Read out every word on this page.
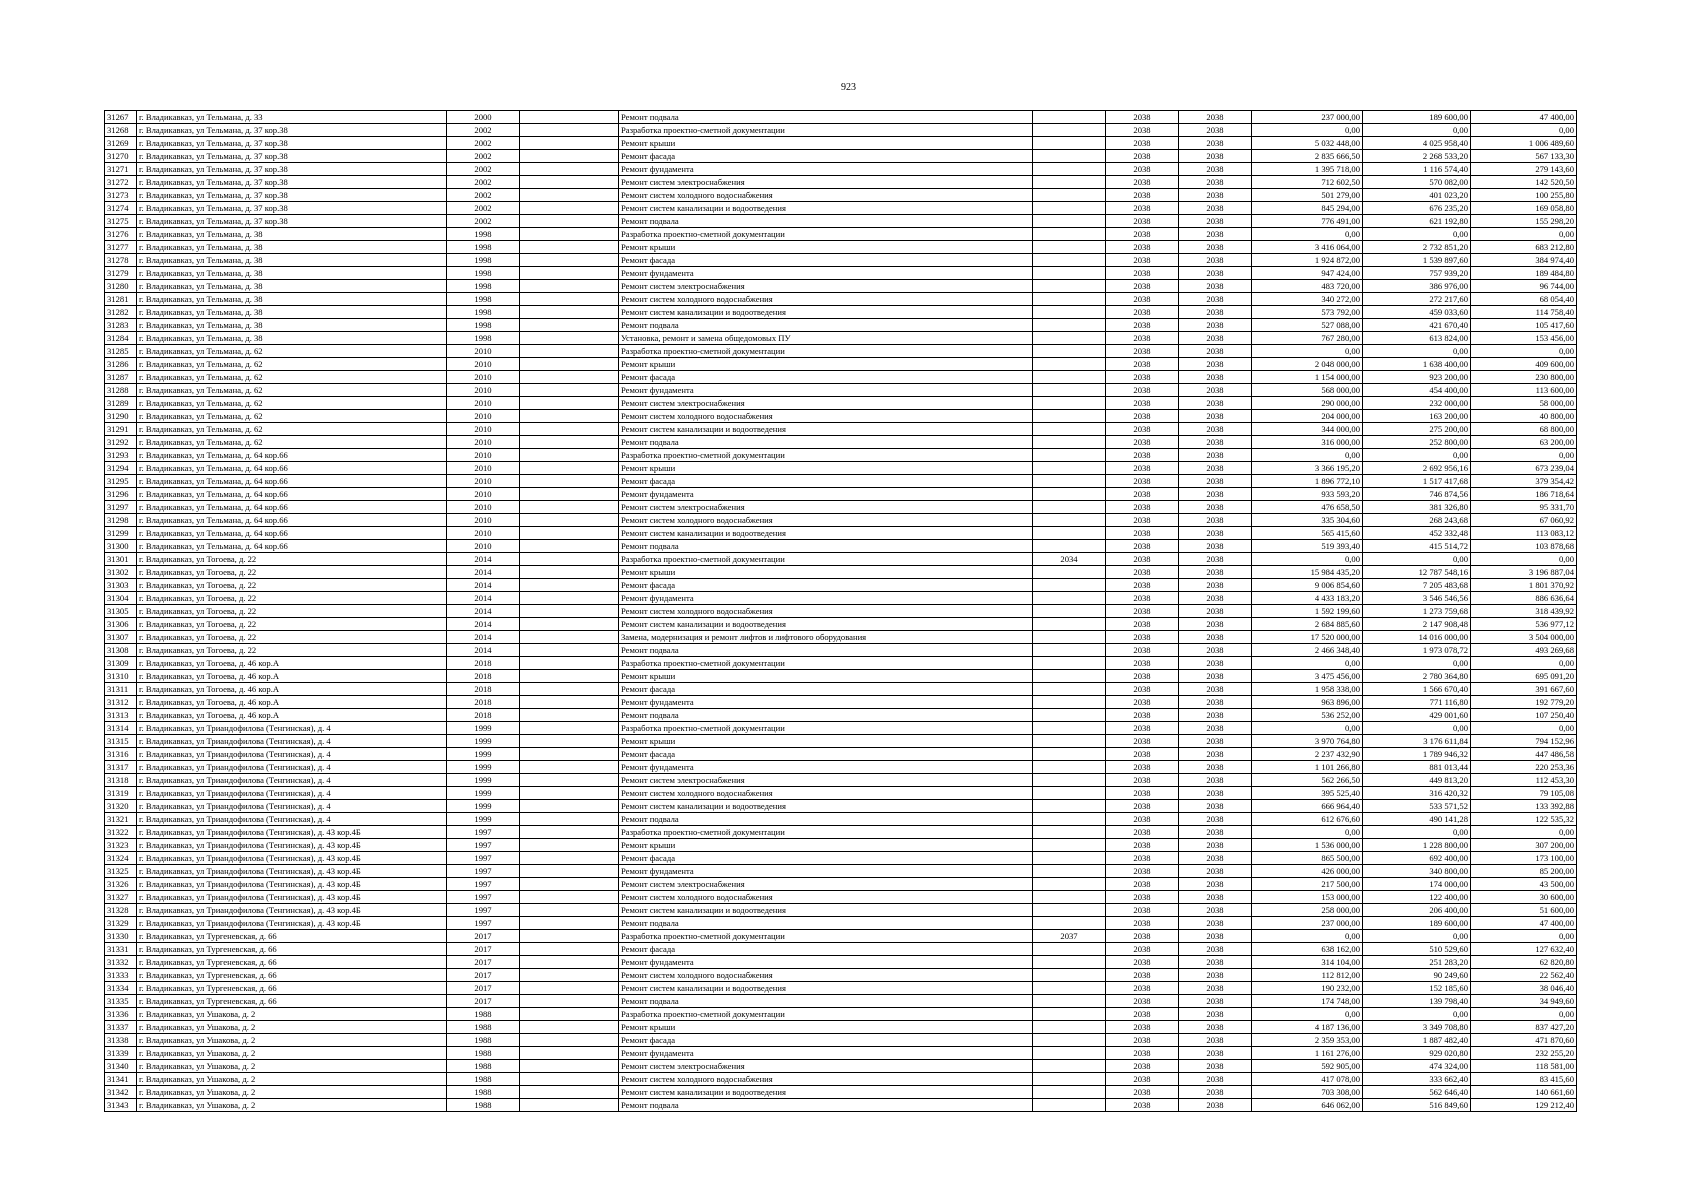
923
31267	г. Владикавказ, ул Тельмана, д. 33	2000		Ремонт подвала		2038	2038	237 000,00	189 600,00	47 400,00
31268	г. Владикавказ, ул Тельмана, д. 37 кор.38	2002		Разработка проектно-сметной документации		2038	2038	0,00	0,00	0,00
31269	г. Владикавказ, ул Тельмана, д. 37 кор.38	2002		Ремонт крыши		2038	2038	5 032 448,00	4 025 958,40	1 006 489,60
31270	г. Владикавказ, ул Тельмана, д. 37 кор.38	2002		Ремонт фасада		2038	2038	2 835 666,50	2 268 533,20	567 133,30
31271	г. Владикавказ, ул Тельмана, д. 37 кор.38	2002		Ремонт фундамента		2038	2038	1 395 718,00	1 116 574,40	279 143,60
31272	г. Владикавказ, ул Тельмана, д. 37 кор.38	2002		Ремонт систем электроснабжения		2038	2038	712 602,50	570 082,00	142 520,50
31273	г. Владикавказ, ул Тельмана, д. 37 кор.38	2002		Ремонт систем холодного водоснабжения		2038	2038	501 279,00	401 023,20	100 255,80
31274	г. Владикавказ, ул Тельмана, д. 37 кор.38	2002		Ремонт систем канализации и водоотведения		2038	2038	845 294,00	676 235,20	169 058,80
31275	г. Владикавказ, ул Тельмана, д. 37 кор.38	2002		Ремонт подвала		2038	2038	776 491,00	621 192,80	155 298,20
31276	г. Владикавказ, ул Тельмана, д. 38	1998		Разработка проектно-сметной документации		2038	2038	0,00	0,00	0,00
31277	г. Владикавказ, ул Тельмана, д. 38	1998		Ремонт крыши		2038	2038	3 416 064,00	2 732 851,20	683 212,80
31278	г. Владикавказ, ул Тельмана, д. 38	1998		Ремонт фасада		2038	2038	1 924 872,00	1 539 897,60	384 974,40
31279	г. Владикавказ, ул Тельмана, д. 38	1998		Ремонт фундамента		2038	2038	947 424,00	757 939,20	189 484,80
31280	г. Владикавказ, ул Тельмана, д. 38	1998		Ремонт систем электроснабжения		2038	2038	483 720,00	386 976,00	96 744,00
31281	г. Владикавказ, ул Тельмана, д. 38	1998		Ремонт систем холодного водоснабжения		2038	2038	340 272,00	272 217,60	68 054,40
31282	г. Владикавказ, ул Тельмана, д. 38	1998		Ремонт систем канализации и водоотведения		2038	2038	573 792,00	459 033,60	114 758,40
31283	г. Владикавказ, ул Тельмана, д. 38	1998		Ремонт подвала		2038	2038	527 088,00	421 670,40	105 417,60
31284	г. Владикавказ, ул Тельмана, д. 38	1998		Установка, ремонт и замена общедомовых ПУ		2038	2038	767 280,00	613 824,00	153 456,00
31285	г. Владикавказ, ул Тельмана, д. 62	2010		Разработка проектно-сметной документации		2038	2038	0,00	0,00	0,00
31286	г. Владикавказ, ул Тельмана, д. 62	2010		Ремонт крыши		2038	2038	2 048 000,00	1 638 400,00	409 600,00
31287	г. Владикавказ, ул Тельмана, д. 62	2010		Ремонт фасада		2038	2038	1 154 000,00	923 200,00	230 800,00
31288	г. Владикавказ, ул Тельмана, д. 62	2010		Ремонт фундамента		2038	2038	568 000,00	454 400,00	113 600,00
31289	г. Владикавказ, ул Тельмана, д. 62	2010		Ремонт систем электроснабжения		2038	2038	290 000,00	232 000,00	58 000,00
31290	г. Владикавказ, ул Тельмана, д. 62	2010		Ремонт систем холодного водоснабжения		2038	2038	204 000,00	163 200,00	40 800,00
31291	г. Владикавказ, ул Тельмана, д. 62	2010		Ремонт систем канализации и водоотведения		2038	2038	344 000,00	275 200,00	68 800,00
31292	г. Владикавказ, ул Тельмана, д. 62	2010		Ремонт подвала		2038	2038	316 000,00	252 800,00	63 200,00
31293	г. Владикавказ, ул Тельмана, д. 64 кор.66	2010		Разработка проектно-сметной документации		2038	2038	0,00	0,00	0,00
31294	г. Владикавказ, ул Тельмана, д. 64 кор.66	2010		Ремонт крыши		2038	2038	3 366 195,20	2 692 956,16	673 239,04
31295	г. Владикавказ, ул Тельмана, д. 64 кор.66	2010		Ремонт фасада		2038	2038	1 896 772,10	1 517 417,68	379 354,42
31296	г. Владикавказ, ул Тельмана, д. 64 кор.66	2010		Ремонт фундамента		2038	2038	933 593,20	746 874,56	186 718,64
31297	г. Владикавказ, ул Тельмана, д. 64 кор.66	2010		Ремонт систем электроснабжения		2038	2038	476 658,50	381 326,80	95 331,70
31298	г. Владикавказ, ул Тельмана, д. 64 кор.66	2010		Ремонт систем холодного водоснабжения		2038	2038	335 304,60	268 243,68	67 060,92
31299	г. Владикавказ, ул Тельмана, д. 64 кор.66	2010		Ремонт систем канализации и водоотведения		2038	2038	565 415,60	452 332,48	113 083,12
31300	г. Владикавказ, ул Тельмана, д. 64 кор.66	2010		Ремонт подвала		2038	2038	519 393,40	415 514,72	103 878,68
31301	г. Владикавказ, ул Тогоева, д. 22	2014		Разработка проектно-сметной документации	2034	2038	2038	0,00	0,00	0,00
31302	г. Владикавказ, ул Тогоева, д. 22	2014		Ремонт крыши		2038	2038	15 984 435,20	12 787 548,16	3 196 887,04
31303	г. Владикавказ, ул Тогоева, д. 22	2014		Ремонт фасада		2038	2038	9 006 854,60	7 205 483,68	1 801 370,92
31304	г. Владикавказ, ул Тогоева, д. 22	2014		Ремонт фундамента		2038	2038	4 433 183,20	3 546 546,56	886 636,64
31305	г. Владикавказ, ул Тогоева, д. 22	2014		Ремонт систем холодного водоснабжения		2038	2038	1 592 199,60	1 273 759,68	318 439,92
31306	г. Владикавказ, ул Тогоева, д. 22	2014		Ремонт систем канализации и водоотведения		2038	2038	2 684 885,60	2 147 908,48	536 977,12
31307	г. Владикавказ, ул Тогоева, д. 22	2014		Замена, модернизация и ремонт лифтов и лифтового оборудования		2038	2038	17 520 000,00	14 016 000,00	3 504 000,00
31308	г. Владикавказ, ул Тогоева, д. 22	2014		Ремонт подвала		2038	2038	2 466 348,40	1 973 078,72	493 269,68
31309	г. Владикавказ, ул Тогоева, д. 46 кор.А	2018		Разработка проектно-сметной документации		2038	2038	0,00	0,00	0,00
31310	г. Владикавказ, ул Тогоева, д. 46 кор.А	2018		Ремонт крыши		2038	2038	3 475 456,00	2 780 364,80	695 091,20
31311	г. Владикавказ, ул Тогоева, д. 46 кор.А	2018		Ремонт фасада		2038	2038	1 958 338,00	1 566 670,40	391 667,60
31312	г. Владикавказ, ул Тогоева, д. 46 кор.А	2018		Ремонт фундамента		2038	2038	963 896,00	771 116,80	192 779,20
31313	г. Владикавказ, ул Тогоева, д. 46 кор.А	2018		Ремонт подвала		2038	2038	536 252,00	429 001,60	107 250,40
31314	г. Владикавказ, ул Триандофилова (Тенгинская), д. 4	1999		Разработка проектно-сметной документации		2038	2038	0,00	0,00	0,00
31315	г. Владикавказ, ул Триандофилова (Тенгинская), д. 4	1999		Ремонт крыши		2038	2038	3 970 764,80	3 176 611,84	794 152,96
31316	г. Владикавказ, ул Триандофилова (Тенгинская), д. 4	1999		Ремонт фасада		2038	2038	2 237 432,90	1 789 946,32	447 486,58
31317	г. Владикавказ, ул Триандофилова (Тенгинская), д. 4	1999		Ремонт фундамента		2038	2038	1 101 266,80	881 013,44	220 253,36
31318	г. Владикавказ, ул Триандофилова (Тенгинская), д. 4	1999		Ремонт систем электроснабжения		2038	2038	562 266,50	449 813,20	112 453,30
31319	г. Владикавказ, ул Триандофилова (Тенгинская), д. 4	1999		Ремонт систем холодного водоснабжения		2038	2038	395 525,40	316 420,32	79 105,08
31320	г. Владикавказ, ул Триандофилова (Тенгинская), д. 4	1999		Ремонт систем канализации и водоотведения		2038	2038	666 964,40	533 571,52	133 392,88
31321	г. Владикавказ, ул Триандофилова (Тенгинская), д. 4	1999		Ремонт подвала		2038	2038	612 676,60	490 141,28	122 535,32
31322	г. Владикавказ, ул Триандофилова (Тенгинская), д. 43 кор.4Б	1997		Разработка проектно-сметной документации		2038	2038	0,00	0,00	0,00
31323	г. Владикавказ, ул Триандофилова (Тенгинская), д. 43 кор.4Б	1997		Ремонт крыши		2038	2038	1 536 000,00	1 228 800,00	307 200,00
31324	г. Владикавказ, ул Триандофилова (Тенгинская), д. 43 кор.4Б	1997		Ремонт фасада		2038	2038	865 500,00	692 400,00	173 100,00
31325	г. Владикавказ, ул Триандофилова (Тенгинская), д. 43 кор.4Б	1997		Ремонт фундамента		2038	2038	426 000,00	340 800,00	85 200,00
31326	г. Владикавказ, ул Триандофилова (Тенгинская), д. 43 кор.4Б	1997		Ремонт систем электроснабжения		2038	2038	217 500,00	174 000,00	43 500,00
31327	г. Владикавказ, ул Триандофилова (Тенгинская), д. 43 кор.4Б	1997		Ремонт систем холодного водоснабжения		2038	2038	153 000,00	122 400,00	30 600,00
31328	г. Владикавказ, ул Триандофилова (Тенгинская), д. 43 кор.4Б	1997		Ремонт систем канализации и водоотведения		2038	2038	258 000,00	206 400,00	51 600,00
31329	г. Владикавказ, ул Триандофилова (Тенгинская), д. 43 кор.4Б	1997		Ремонт подвала		2038	2038	237 000,00	189 600,00	47 400,00
31330	г. Владикавказ, ул Тургеневская, д. 66	2017		Разработка проектно-сметной документации	2037	2038	2038	0,00	0,00	0,00
31331	г. Владикавказ, ул Тургеневская, д. 66	2017		Ремонт фасада		2038	2038	638 162,00	510 529,60	127 632,40
31332	г. Владикавказ, ул Тургеневская, д. 66	2017		Ремонт фундамента		2038	2038	314 104,00	251 283,20	62 820,80
31333	г. Владикавказ, ул Тургеневская, д. 66	2017		Ремонт систем холодного водоснабжения		2038	2038	112 812,00	90 249,60	22 562,40
31334	г. Владикавказ, ул Тургеневская, д. 66	2017		Ремонт систем канализации и водоотведения		2038	2038	190 232,00	152 185,60	38 046,40
31335	г. Владикавказ, ул Тургеневская, д. 66	2017		Ремонт подвала		2038	2038	174 748,00	139 798,40	34 949,60
31336	г. Владикавказ, ул Ушакова, д. 2	1988		Разработка проектно-сметной документации		2038	2038	0,00	0,00	0,00
31337	г. Владикавказ, ул Ушакова, д. 2	1988		Ремонт крыши		2038	2038	4 187 136,00	3 349 708,80	837 427,20
31338	г. Владикавказ, ул Ушакова, д. 2	1988		Ремонт фасада		2038	2038	2 359 353,00	1 887 482,40	471 870,60
31339	г. Владикавказ, ул Ушакова, д. 2	1988		Ремонт фундамента		2038	2038	1 161 276,00	929 020,80	232 255,20
31340	г. Владикавказ, ул Ушакова, д. 2	1988		Ремонт систем электроснабжения		2038	2038	592 905,00	474 324,00	118 581,00
31341	г. Владикавказ, ул Ушакова, д. 2	1988		Ремонт систем холодного водоснабжения		2038	2038	417 078,00	333 662,40	83 415,60
31342	г. Владикавказ, ул Ушакова, д. 2	1988		Ремонт систем канализации и водоотведения		2038	2038	703 308,00	562 646,40	140 661,60
31343	г. Владикавказ, ул Ушакова, д. 2	1988		Ремонт подвала		2038	2038	646 062,00	516 849,60	129 212,40
